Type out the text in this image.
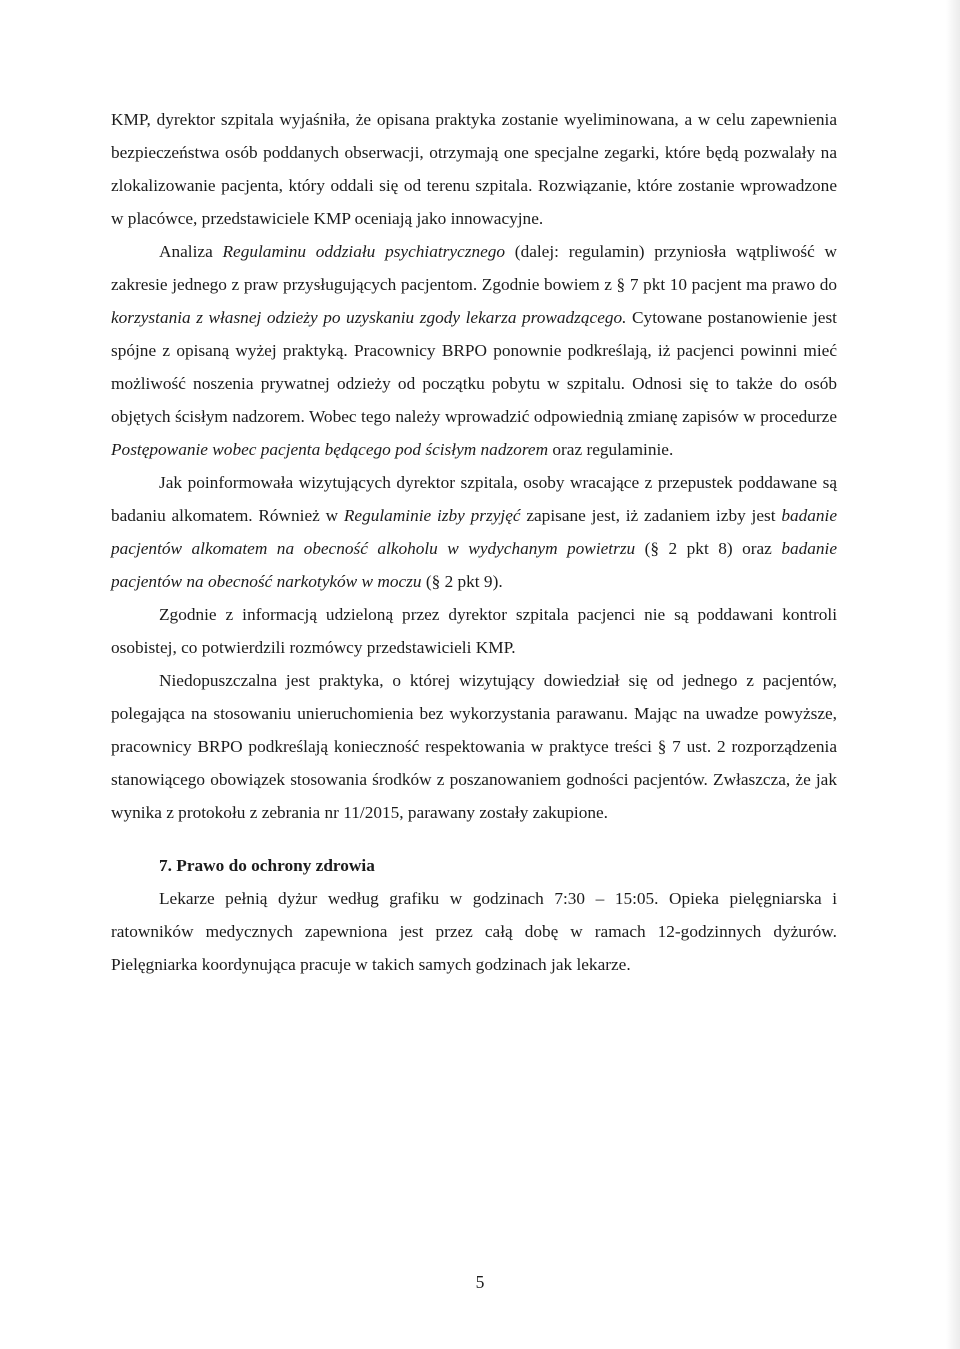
KMP, dyrektor szpitala wyjaśniła, że opisana praktyka zostanie wyeliminowana, a w celu zapewnienia bezpieczeństwa osób poddanych obserwacji, otrzymają one specjalne zegarki, które będą pozwalały na zlokalizowanie pacjenta, który oddali się od terenu szpitala. Rozwiązanie, które zostanie wprowadzone w placówce, przedstawiciele KMP oceniają jako innowacyjne.

Analiza Regulaminu oddziału psychiatrycznego (dalej: regulamin) przyniosła wątpliwość w zakresie jednego z praw przysługujących pacjentom. Zgodnie bowiem z § 7 pkt 10 pacjent ma prawo do korzystania z własnej odzieży po uzyskaniu zgody lekarza prowadzącego. Cytowane postanowienie jest spójne z opisaną wyżej praktyką. Pracownicy BRPO ponownie podkreślają, iż pacjenci powinni mieć możliwość noszenia prywatnej odzieży od początku pobytu w szpitalu. Odnosi się to także do osób objętych ścisłym nadzorem. Wobec tego należy wprowadzić odpowiednią zmianę zapisów w procedurze Postępowanie wobec pacjenta będącego pod ścisłym nadzorem oraz regulaminie.

Jak poinformowała wizytujących dyrektor szpitala, osoby wracające z przepustek poddawane są badaniu alkomatem. Również w Regulaminie izby przyjęć zapisane jest, iż zadaniem izby jest badanie pacjentów alkomatem na obecność alkoholu w wydychanym powietrzu (§ 2 pkt 8) oraz badanie pacjentów na obecność narkotyków w moczu (§ 2 pkt 9).

Zgodnie z informacją udzieloną przez dyrektor szpitala pacjenci nie są poddawani kontroli osobistej, co potwierdzili rozmówcy przedstawicieli KMP.

Niedopuszczalna jest praktyka, o której wizytujący dowiedział się od jednego z pacjentów, polegająca na stosowaniu unieruchomienia bez wykorzystania parawanu. Mając na uwadze powyższe, pracownicy BRPO podkreślają konieczność respektowania w praktyce treści § 7 ust. 2 rozporządzenia stanowiącego obowiązek stosowania środków z poszanowaniem godności pacjentów. Zwłaszcza, że jak wynika z protokołu z zebrania nr 11/2015, parawany zostały zakupione.

7. Prawo do ochrony zdrowia

Lekarze pełnią dyżur według grafiku w godzinach 7:30 – 15:05. Opieka pielęgniarska i ratowników medycznych zapewniona jest przez całą dobę w ramach 12-godzinnych dyżurów. Pielęgniarka koordynująca pracuje w takich samych godzinach jak lekarze.

5
